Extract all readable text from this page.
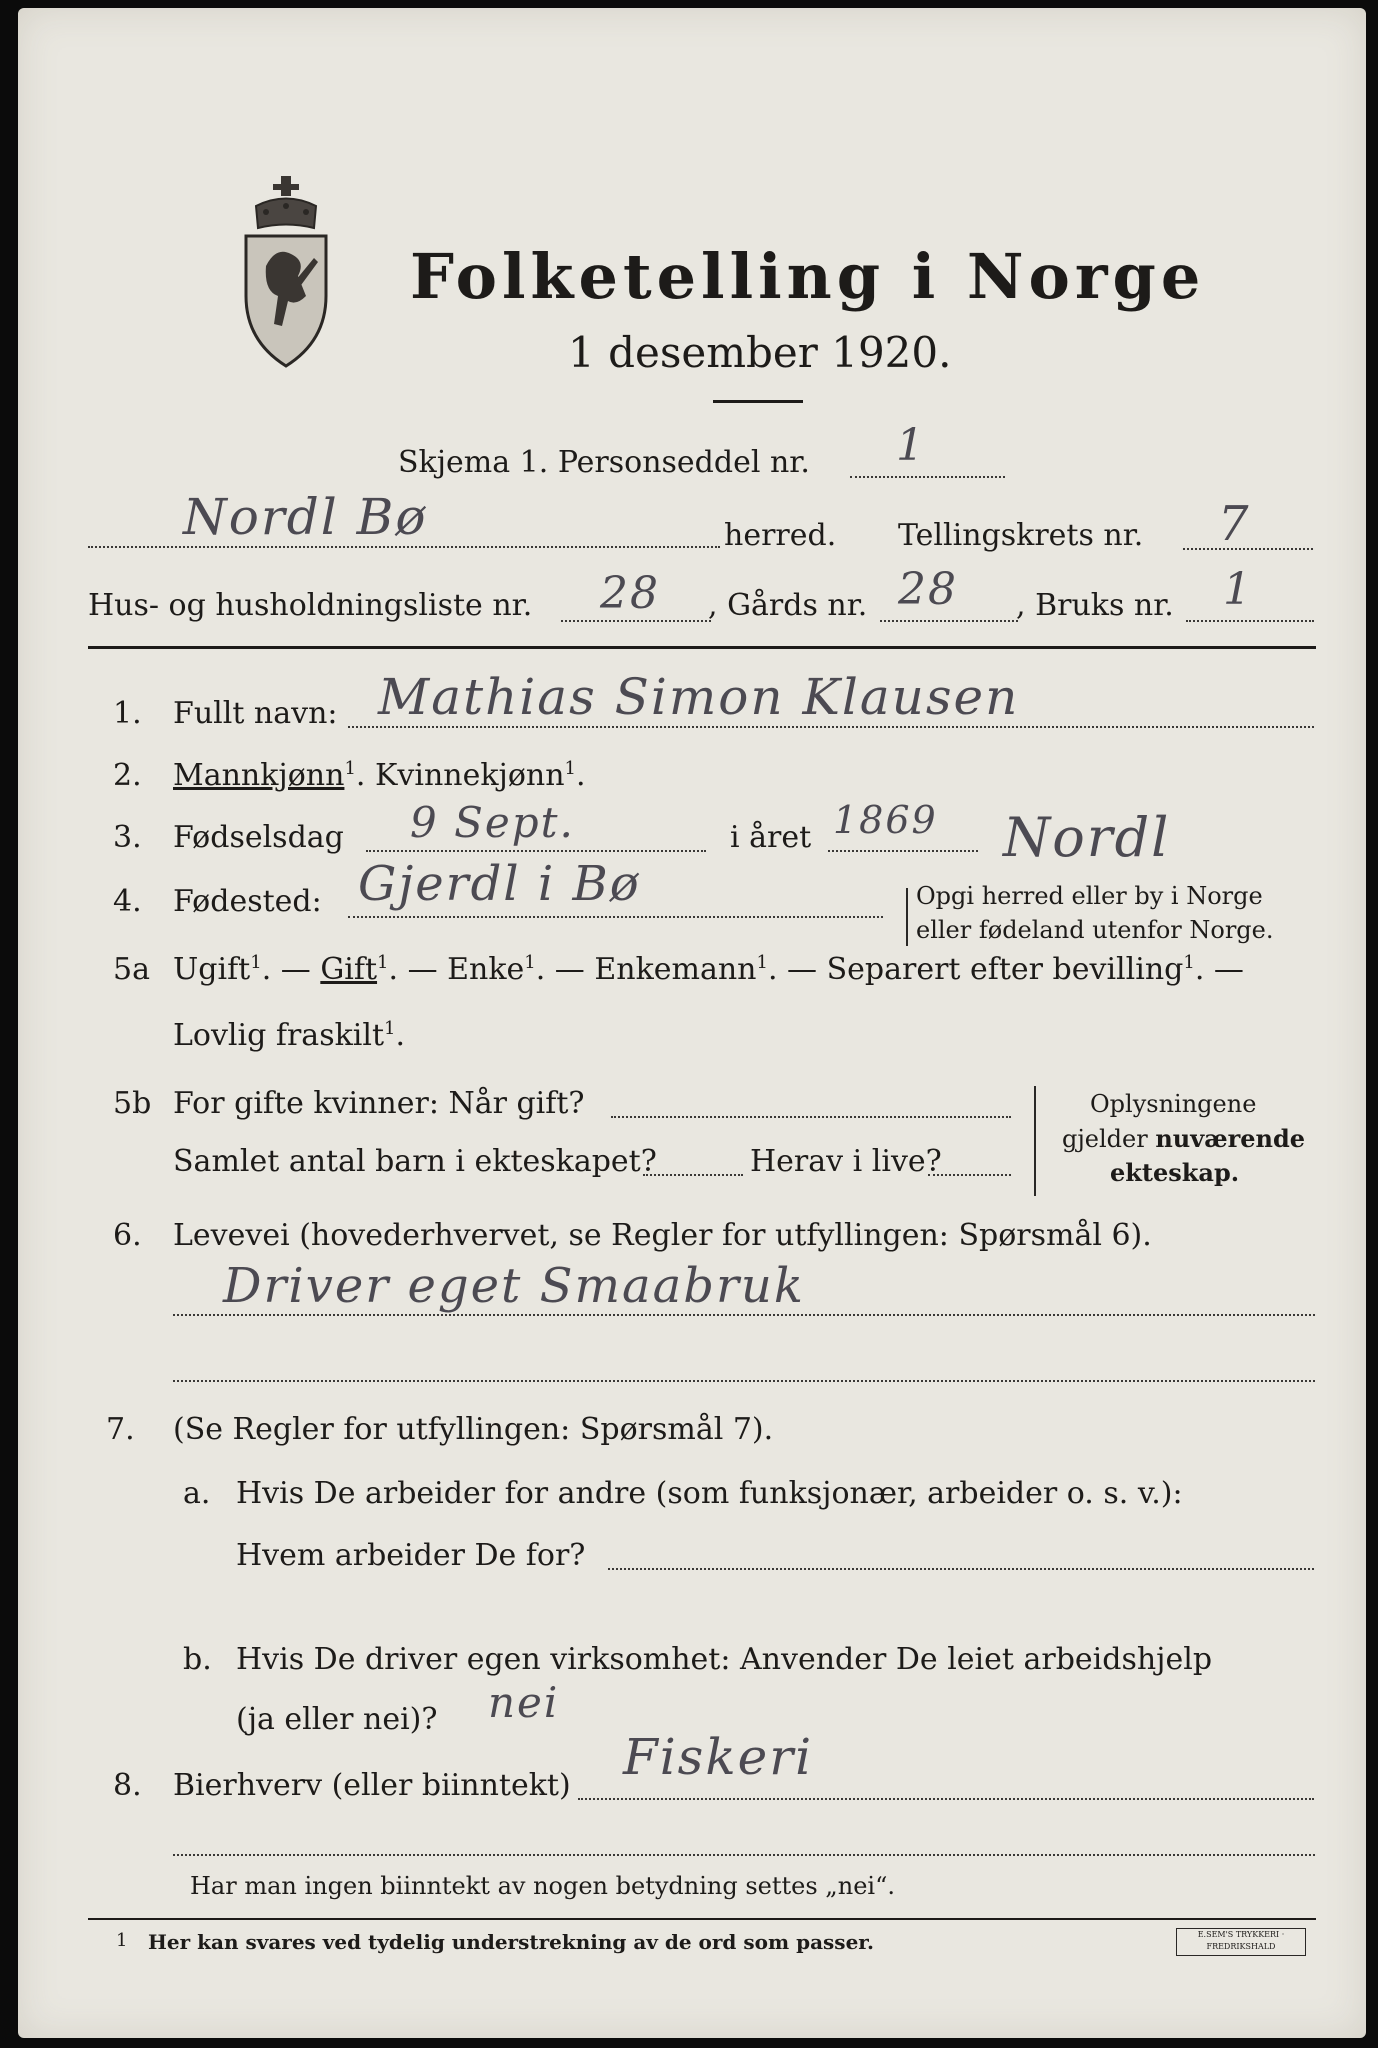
Folketelling i Norge
1 desember 1920.
Skjema 1. Personseddel nr. 1
Nordl Bø	herred. Tellingskrets nr. 7
Hus- og husholdningsliste nr. 28 , Gårds nr. 28 , Bruks nr. 1
1. Fullt navn: Mathias Simon Klausen
2. Mannkjønn$^1$. Kvinnekjønn$^1$.
3. Fødselsdag 9 Sept.	i året 1869 Nordl
4. Fødested: Gjerdl i Bø	Opgi herred eller by i Norge
eller fødeland utenfor Norge.
5a Ugift$^1$. — Gift$^1$. — Enke$^1$. — Enkemann$^1$. — Separert efter bevilling$^1$. —
Lovlig fraskilt$^1$.
5b For gifte kvinner: Når gift?
Samlet antal barn i ekteskapet?	Herav i live?
Oplysningene
gjelder nuværende
ekteskap.
6. Levevei (hovederhvervet, se Regler for utfyllingen: Spørsmål 6).
Driver eget Smaabruk
7. (Se Regler for utfyllingen: Spørsmål 7).
a. Hvis De arbeider for andre (som funksjonær, arbeider o. s. v.):
Hvem arbeider De for?
b. Hvis De driver egen virksomhet: Anvender De leiet arbeidshjelp
(ja eller nei)? nei
8. Bierhverv (eller biinntekt) Fiskeri
Har man ingen biinntekt av nogen betydning settes „nei“.
1 Her kan svares ved tydelig understrekning av de ord som passer.	E.SEM'S TRYKKERI · FREDRIKSHALD
